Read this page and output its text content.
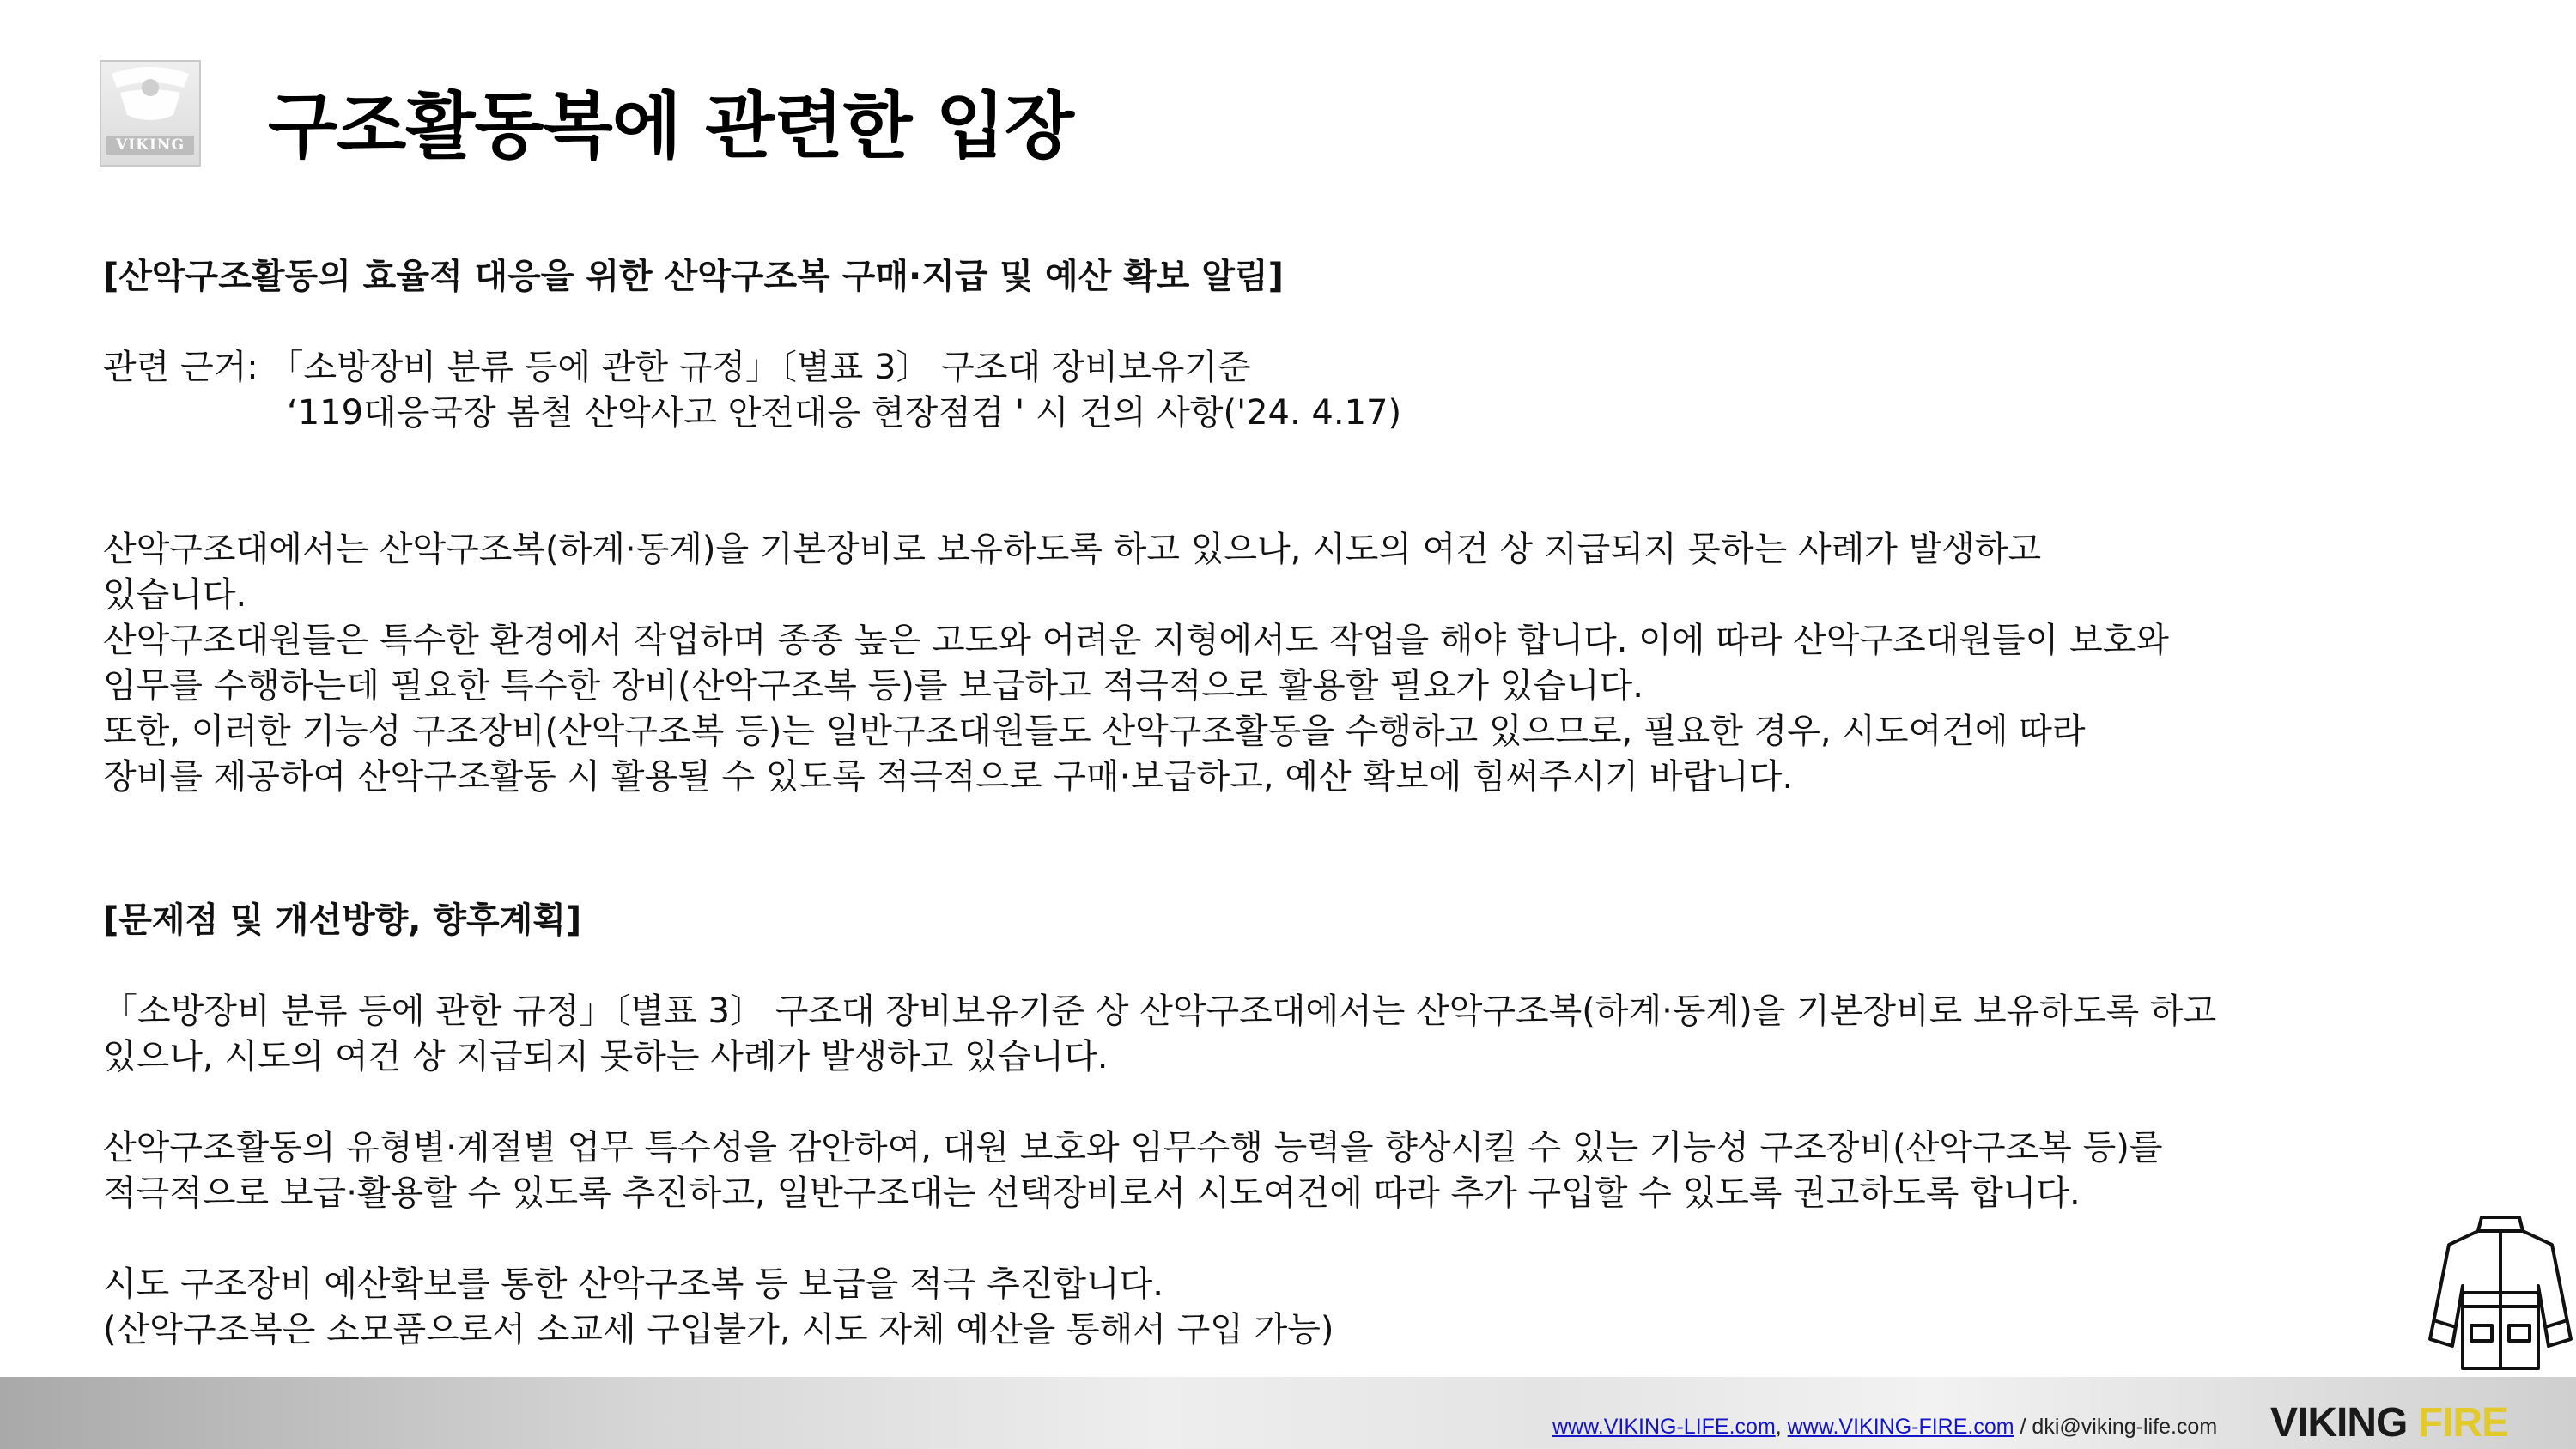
VIKING 구조활동복에 관련한 입장
[산악구조활동의 효율적 대응을 위한 산악구조복 구매·지급 및 예산 확보 알림]
관련 근거: 「소방장비 분류 등에 관한 규정」〔별표 3〕 구조대 장비보유기준
‘119대응국장 봄철 산악사고 안전대응 현장점검 ' 시 건의 사항('24. 4.17)
산악구조대에서는 산악구조복(하계·동계)을 기본장비로 보유하도록 하고 있으나, 시도의 여건 상 지급되지 못하는 사례가 발생하고
있습니다.
산악구조대원들은 특수한 환경에서 작업하며 종종 높은 고도와 어려운 지형에서도 작업을 해야 합니다. 이에 따라 산악구조대원들이 보호와
임무를 수행하는데 필요한 특수한 장비(산악구조복 등)를 보급하고 적극적으로 활용할 필요가 있습니다.
또한, 이러한 기능성 구조장비(산악구조복 등)는 일반구조대원들도 산악구조활동을 수행하고 있으므로, 필요한 경우, 시도여건에 따라
장비를 제공하여 산악구조활동 시 활용될 수 있도록 적극적으로 구매·보급하고, 예산 확보에 힘써주시기 바랍니다.
[문제점 및 개선방향, 향후계획]
「소방장비 분류 등에 관한 규정」〔별표 3〕 구조대 장비보유기준 상 산악구조대에서는 산악구조복(하계·동계)을 기본장비로 보유하도록 하고
있으나, 시도의 여건 상 지급되지 못하는 사례가 발생하고 있습니다.
산악구조활동의 유형별·계절별 업무 특수성을 감안하여, 대원 보호와 임무수행 능력을 향상시킬 수 있는 기능성 구조장비(산악구조복 등)를
적극적으로 보급·활용할 수 있도록 추진하고, 일반구조대는 선택장비로서 시도여건에 따라 추가 구입할 수 있도록 권고하도록 합니다.
시도 구조장비 예산확보를 통한 산악구조복 등 보급을 적극 추진합니다.
(산악구조복은 소모품으로서 소교세 구입불가, 시도 자체 예산을 통해서 구입 가능)
www.VIKING-LIFE.com, www.VIKING-FIRE.com / dki@viking-life.com VIKING FIRE
